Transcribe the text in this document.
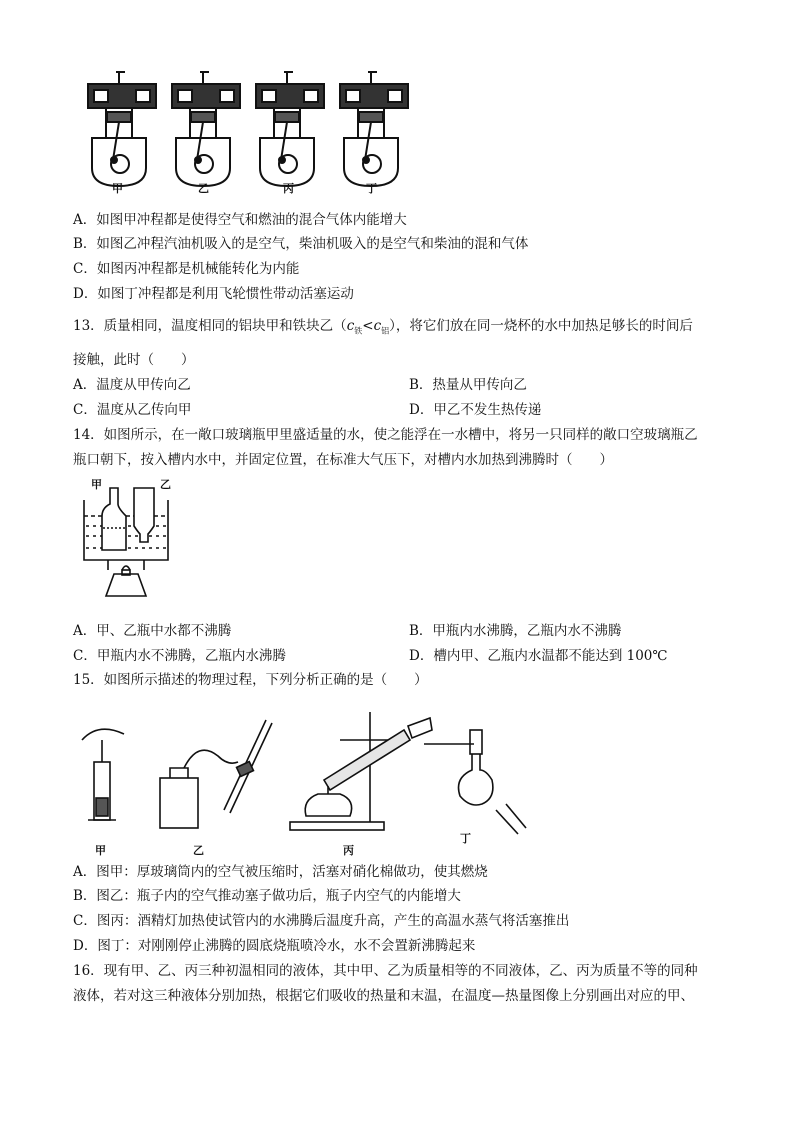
甲	乙	丙	丁
A．如图甲冲程都是使得空气和燃油的混合气体内能增大
B．如图乙冲程汽油机吸入的是空气，柴油机吸入的是空气和柴油的混和气体
C．如图丙冲程都是机械能转化为内能
D．如图丁冲程都是利用飞轮惯性带动活塞运动
13．质量相同，温度相同的铝块甲和铁块乙$(c_铁<c_铝)$，将它们放在同一烧杯的水中加热足够长的时间后
接触，此时（　　）
A．温度从甲传向乙	B．热量从甲传向乙
C．温度从乙传向甲	D．甲乙不发生热传递
14．如图所示，在一敞口玻璃瓶甲里盛适量的水，使之能浮在一水槽中，将另一只同样的敞口空玻璃瓶乙
瓶口朝下，按入槽内水中，并固定位置，在标准大气压下，对槽内水加热到沸腾时（　　）
甲	乙
A．甲、乙瓶中水都不沸腾	B．甲瓶内水沸腾，乙瓶内水不沸腾
C．甲瓶内水不沸腾，乙瓶内水沸腾	D．槽内甲、乙瓶内水温都不能达到 100℃
15．如图所示描述的物理过程，下列分析正确的是（　　）
甲	乙	丙
丁
A．图甲：厚玻璃筒内的空气被压缩时，活塞对硝化棉做功，使其燃烧
B．图乙：瓶子内的空气推动塞子做功后，瓶子内空气的内能增大
C．图丙：酒精灯加热使试管内的水沸腾后温度升高，产生的高温水蒸气将活塞推出
D．图丁：对刚刚停止沸腾的圆底烧瓶喷冷水，水不会置新沸腾起来
16．现有甲、乙、丙三种初温相同的液体，其中甲、乙为质量相等的不同液体，乙、丙为质量不等的同种
液体，若对这三种液体分别加热，根据它们吸收的热量和末温，在温度—热量图像上分别画出对应的甲、
